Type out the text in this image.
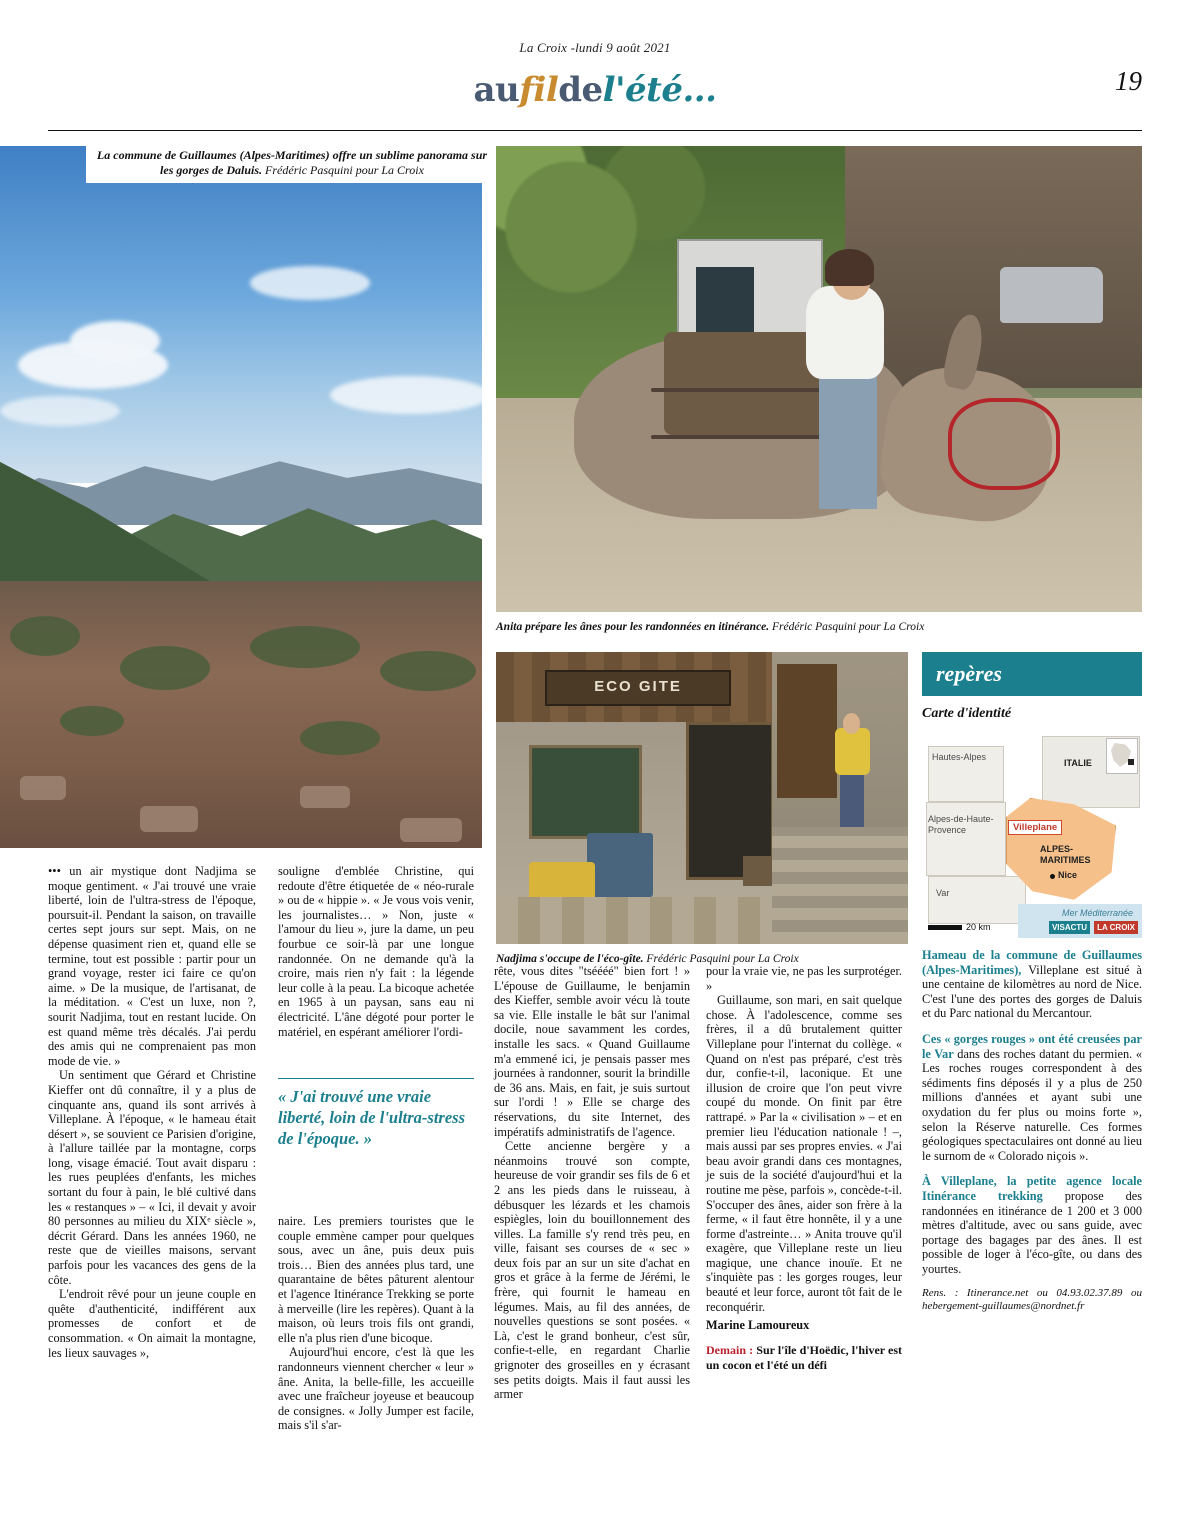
La Croix -lundi 9 août 2021
aufildel'été...	19
La commune de Guillaumes (Alpes-Maritimes) offre un sublime panorama sur les gorges de Daluis. Frédéric Pasquini pour La Croix
Anita prépare les ânes pour les randonnées en itinérance. Frédéric Pasquini pour La Croix
ECO GITE
Nadjima s'occupe de l'éco-gîte. Frédéric Pasquini pour La Croix

••• un air mystique dont Nadjima se moque gentiment. « J'ai trouvé une vraie liberté, loin de l'ultra-stress de l'époque, poursuit-il. Pendant la saison, on travaille certes sept jours sur sept. Mais, on ne dépense quasiment rien et, quand elle se termine, tout est possible : partir pour un grand voyage, rester ici faire ce qu'on aime. » De la musique, de l'artisanat, de la méditation. « C'est un luxe, non ?, sourit Nadjima, tout en restant lucide. On est quand même très décalés. J'ai perdu des amis qui ne comprenaient pas mon mode de vie. »

Un sentiment que Gérard et Christine Kieffer ont dû connaître, il y a plus de cinquante ans, quand ils sont arrivés à Villeplane. À l'époque, « le hameau était désert », se souvient ce Parisien d'origine, à l'allure taillée par la montagne, corps long, visage émacié. Tout avait disparu : les rues peuplées d'enfants, les miches sortant du four à pain, le blé cultivé dans les « restanques » – « Ici, il devait y avoir 80 personnes au milieu du XIXᵉ siècle », décrit Gérard. Dans les années 1960, ne reste que de vieilles maisons, servant parfois pour les vacances des gens de la côte.

L'endroit rêvé pour un jeune couple en quête d'authenticité, indifférent aux promesses de confort et de consommation. « On aimait la montagne, les lieux sauvages »,

souligne d'emblée Christine, qui redoute d'être étiquetée de « néo-rurale » ou de « hippie ». « Je vous vois venir, les journalistes… » Non, juste « l'amour du lieu », jure la dame, un peu fourbue ce soir-là par une longue randonnée. On ne demande qu'à la croire, mais rien n'y fait : la légende leur colle à la peau. La bicoque achetée en 1965 à un paysan, sans eau ni électricité. L'âne dégoté pour porter le matériel, en espérant améliorer l'ordi-

« J'ai trouvé une vraie liberté, loin de l'ultra-stress de l'époque. »

naire. Les premiers touristes que le couple emmène camper pour quelques sous, avec un âne, puis deux puis trois… Bien des années plus tard, une quarantaine de bêtes pâturent alentour et l'agence Itinérance Trekking se porte à merveille (lire les repères). Quant à la maison, où leurs trois fils ont grandi, elle n'a plus rien d'une bicoque.

Aujourd'hui encore, c'est là que les randonneurs viennent chercher « leur » âne. Anita, la belle-fille, les accueille avec une fraîcheur joyeuse et beaucoup de consignes. « Jolly Jumper est facile, mais s'il s'ar-

rête, vous dites "tséééé" bien fort ! » L'épouse de Guillaume, le benjamin des Kieffer, semble avoir vécu là toute sa vie. Elle installe le bât sur l'animal docile, noue savamment les cordes, installe les sacs. « Quand Guillaume m'a emmené ici, je pensais passer mes journées à randonner, sourit la brindille de 36 ans. Mais, en fait, je suis surtout sur l'ordi ! » Elle se charge des réservations, du site Internet, des impératifs administratifs de l'agence.

Cette ancienne bergère y a néanmoins trouvé son compte, heureuse de voir grandir ses fils de 6 et 2 ans les pieds dans le ruisseau, à débusquer les lézards et les chamois espiègles, loin du bouillonnement des villes. La famille s'y rend très peu, en ville, faisant ses courses de « sec » deux fois par an sur un site d'achat en gros et grâce à la ferme de Jérémi, le frère, qui fournit le hameau en légumes. Mais, au fil des années, de nouvelles questions se sont posées. « Là, c'est le grand bonheur, c'est sûr, confie-t-elle, en regardant Charlie grignoter des groseilles en y écrasant ses petits doigts. Mais il faut aussi les armer

pour la vraie vie, ne pas les surprotéger. »

Guillaume, son mari, en sait quelque chose. À l'adolescence, comme ses frères, il a dû brutalement quitter Villeplane pour l'internat du collège. « Quand on n'est pas préparé, c'est très dur, confie-t-il, laconique. Et une illusion de croire que l'on peut vivre coupé du monde. On finit par être rattrapé. » Par la « civilisation » – et en premier lieu l'éducation nationale ! –, mais aussi par ses propres envies. « J'ai beau avoir grandi dans ces montagnes, je suis de la société d'aujourd'hui et la routine me pèse, parfois », concède-t-il. S'occuper des ânes, aider son frère à la ferme, « il faut être honnête, il y a une forme d'astreinte… » Anita trouve qu'il exagère, que Villeplane reste un lieu magique, une chance inouïe. Et ne s'inquiète pas : les gorges rouges, leur beauté et leur force, auront tôt fait de le reconquérir.

Marine Lamoureux
Demain : Sur l'île d'Hoëdic, l'hiver est un cocon et l'été un défi
repères
Carte d'identité
Hautes-Alpes
ITALIE
Alpes-de-Haute-Provence
Var
ALPES-MARITIMES
Mer Méditerranée
Villeplane
Nice
20 km	VISACTU	LA CROIX

Hameau de la commune de Guillaumes (Alpes-Maritimes), Villeplane est situé à une centaine de kilomètres au nord de Nice. C'est l'une des portes des gorges de Daluis et du Parc national du Mercantour.

Ces « gorges rouges » ont été creusées par le Var dans des roches datant du permien. « Les roches rouges correspondent à des sédiments fins déposés il y a plus de 250 millions d'années et ayant subi une oxydation du fer plus ou moins forte », selon la Réserve naturelle. Ces formes géologiques spectaculaires ont donné au lieu le surnom de « Colorado niçois ».

À Villeplane, la petite agence locale Itinérance trekking propose des randonnées en itinérance de 1 200 et 3 000 mètres d'altitude, avec ou sans guide, avec portage des bagages par des ânes. Il est possible de loger à l'éco-gîte, ou dans des yourtes.

Rens. : Itinerance.net ou 04.93.02.37.89 ou hebergement-guillaumes@nordnet.fr
